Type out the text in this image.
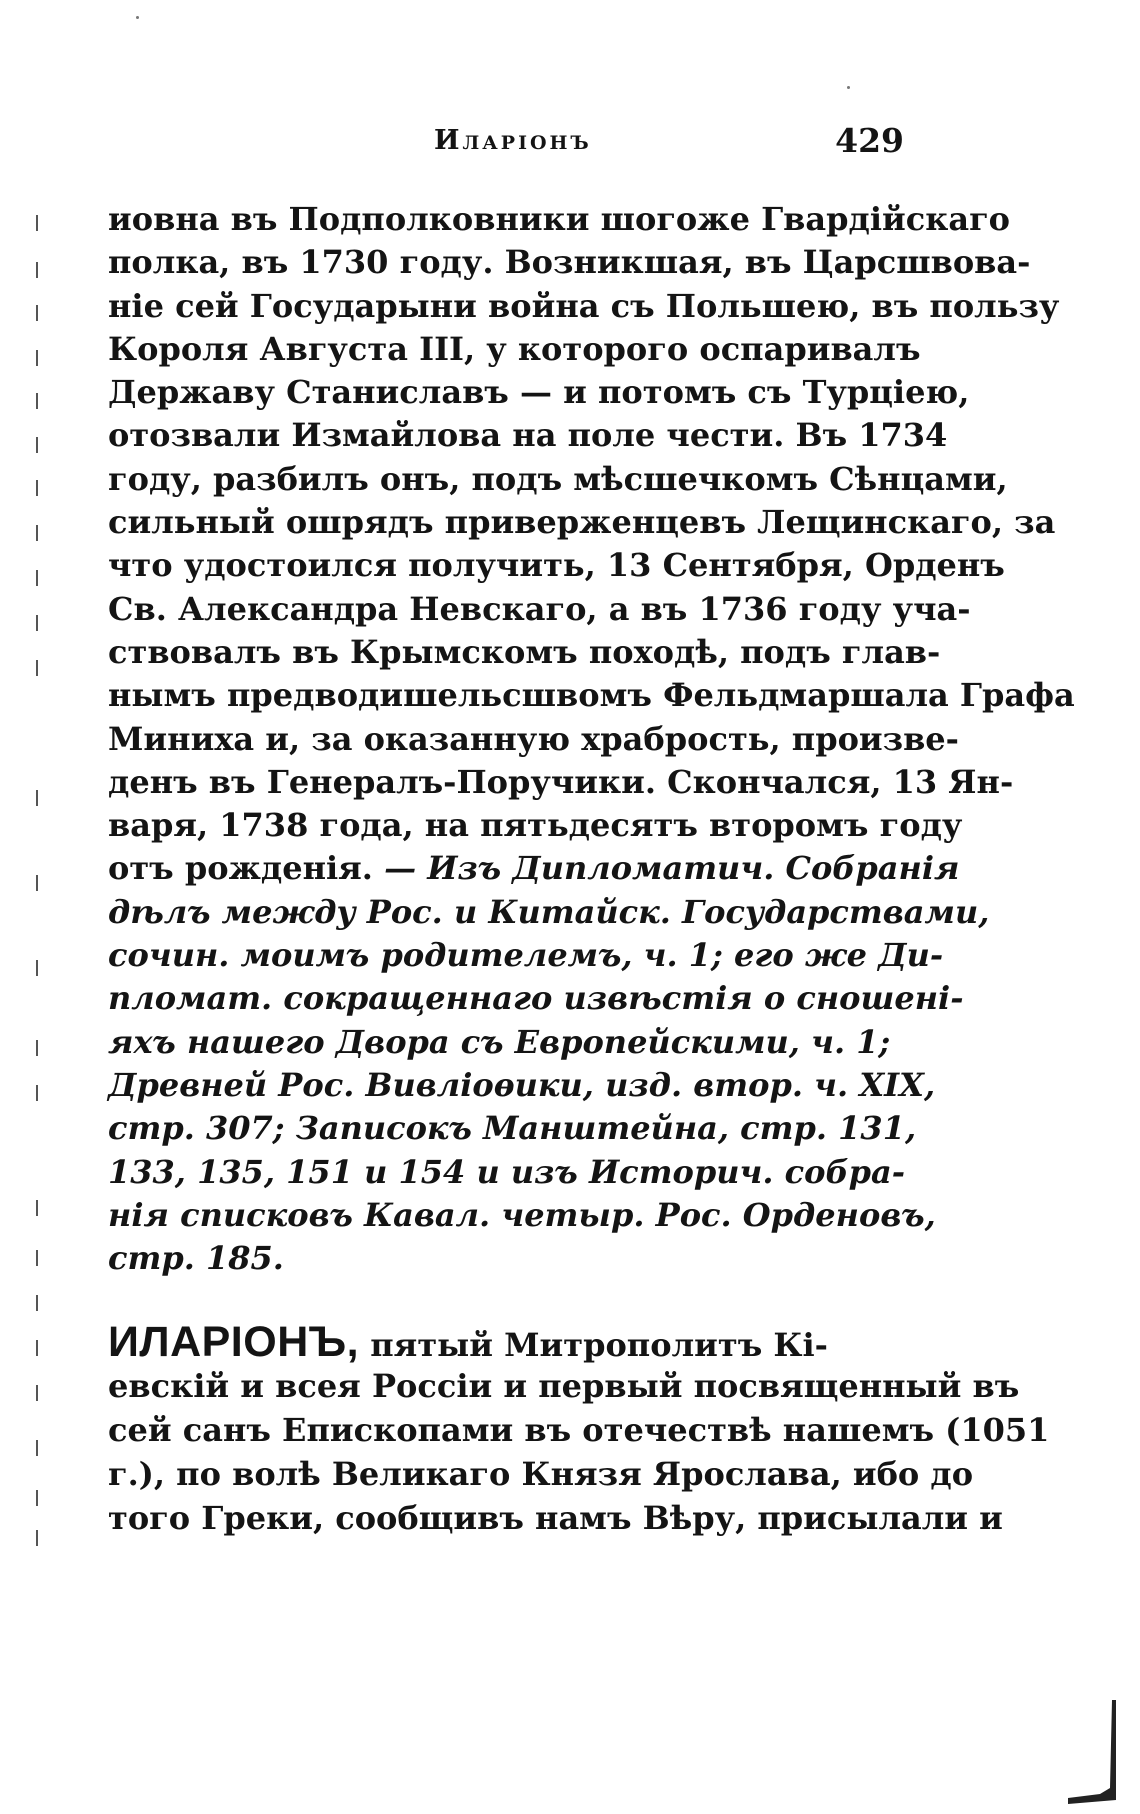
Иларіонъ	429
иовна въ Подполковники шогоже Гвардійскаго
полка, въ 1730 году. Возникшая, въ Царсшвова-
ніе сей Государыни война съ Польшею, въ пользу
Короля Августа III, у которого оспаривалъ
Державу Станиславъ — и потомъ съ Турціею,
отозвали Измайлова на поле чести. Въ 1734
году, разбилъ онъ, подъ мѣсшечкомъ Сѣнцами,
сильный ошрядъ приверженцевъ Лещинскаго, за
что удостоился получить, 13 Сентября, Орденъ
Св. Александра Невскаго, а въ 1736 году уча-
ствовалъ въ Крымскомъ походѣ, подъ глав-
нымъ предводишельсшвомъ Фельдмаршала Графа
Миниха и, за оказанную храбрость, произве-
денъ въ Генералъ-Поручики. Скончался, 13 Ян-
варя, 1738 года, на пятьдесятъ второмъ году
отъ рожденія. — Изъ Дипломатич. Собранія
дѣлъ между Рос. и Китайск. Государствами,
сочин. моимъ родителемъ, ч. 1; его же Ди-
пломат. сокращеннаго извѣстія о сношені-
яхъ нашего Двора съ Европейскими, ч. 1;
Древней Рос. Вивліоѳики, изд. втор. ч. XIX,
стр. 307; Записокъ Манштейна, стр. 131,
133, 135, 151 и 154 и изъ Историч. собра-
нія списковъ Кавал. четыр. Рос. Орденовъ,
стр. 185.
ИЛАРІОНЪ, пятый Митрополитъ Кі-
евскій и всея Россіи и первый посвященный въ
сей санъ Епископами въ отечествѣ нашемъ (1051
г.), по волѣ Великаго Князя Ярослава, ибо до
того Греки, сообщивъ намъ Вѣру, присылали и
